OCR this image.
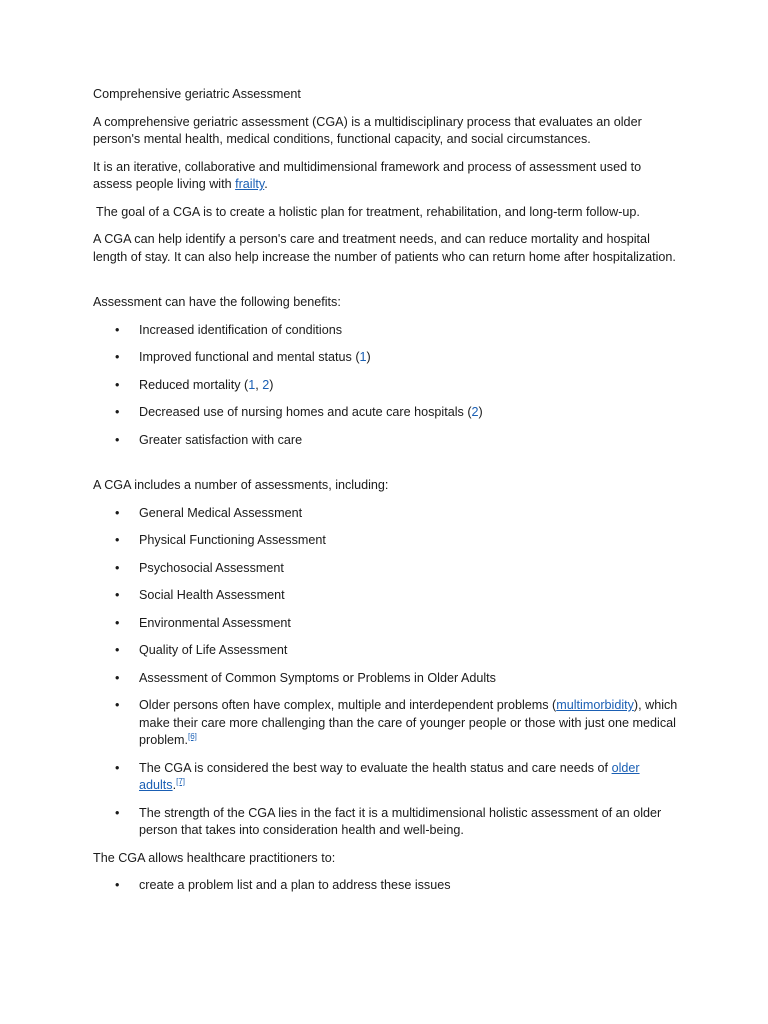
Comprehensive geriatric Assessment

A comprehensive geriatric assessment (CGA) is a multidisciplinary process that evaluates an older person's mental health, medical conditions, functional capacity, and social circumstances.

It is an iterative, collaborative and multidimensional framework and process of assessment used to assess people living with frailty.

The goal of a CGA is to create a holistic plan for treatment, rehabilitation, and long-term follow-up.

A CGA can help identify a person's care and treatment needs, and can reduce mortality and hospital length of stay. It can also help increase the number of patients who can return home after hospitalization.

Assessment can have the following benefits:

• Increased identification of conditions
• Improved functional and mental status (1)
• Reduced mortality (1, 2)
• Decreased use of nursing homes and acute care hospitals (2)
• Greater satisfaction with care

A CGA includes a number of assessments, including:

• General Medical Assessment
• Physical Functioning Assessment
• Psychosocial Assessment
• Social Health Assessment
• Environmental Assessment
• Quality of Life Assessment
• Assessment of Common Symptoms or Problems in Older Adults
• Older persons often have complex, multiple and interdependent problems (multimorbidity), which make their care more challenging than the care of younger people or those with just one medical problem.[6]
• The CGA is considered the best way to evaluate the health status and care needs of older adults.[7]
• The strength of the CGA lies in the fact it is a multidimensional holistic assessment of an older person that takes into consideration health and well-being.

The CGA allows healthcare practitioners to:

• create a problem list and a plan to address these issues
